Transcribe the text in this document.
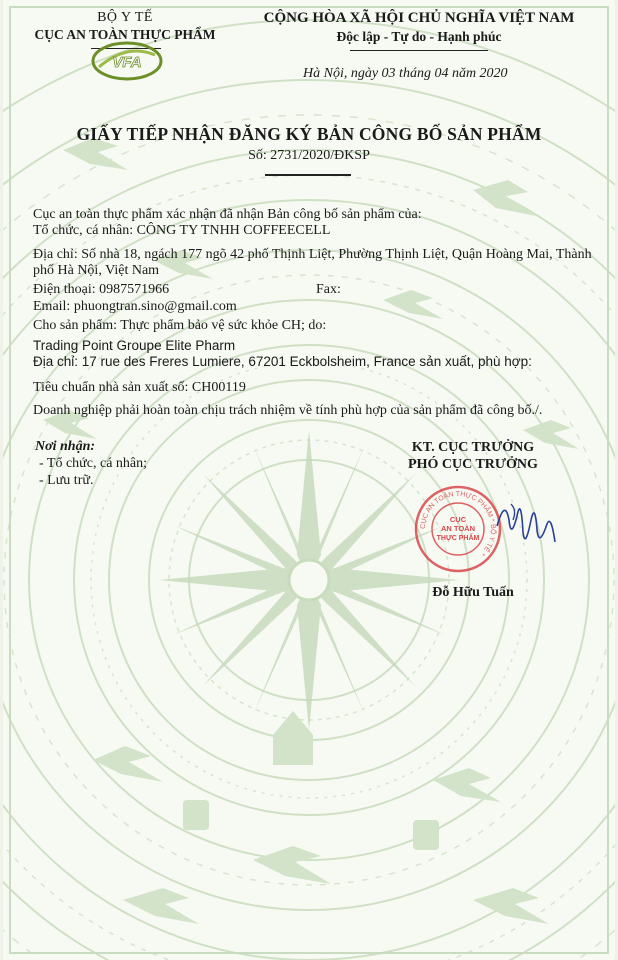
BỘ Y TẾ
CỤC AN TOÀN THỰC PHẨM
VFA
CỘNG HÒA XÃ HỘI CHỦ NGHĨA VIỆT NAM
Độc lập - Tự do - Hạnh phúc
Hà Nội, ngày 03 tháng 04 năm 2020
GIẤY TIẾP NHẬN ĐĂNG KÝ BẢN CÔNG BỐ SẢN PHẨM
Số: 2731/2020/ĐKSP
Cục an toàn thực phẩm xác nhận đã nhận Bản công bố sản phẩm của:
Tổ chức, cá nhân: CÔNG TY TNHH COFFEECELL
Địa chỉ: Số nhà 18, ngách 177 ngõ 42 phố Thịnh Liệt, Phường Thịnh Liệt, Quận Hoàng Mai, Thành phố Hà Nội, Việt Nam
Điện thoại: 0987571966	Fax:
Email: phuongtran.sino@gmail.com
Cho sản phẩm: Thực phẩm bảo vệ sức khỏe CH; do:
Trading Point Groupe Elite Pharm
Địa chỉ: 17 rue des Freres Lumiere, 67201 Eckbolsheim, France sản xuất, phù hợp:
Tiêu chuẩn nhà sản xuất số: CH00119
Doanh nghiệp phải hoàn toàn chịu trách nhiệm về tính phù hợp của sản phẩm đã công bố./.
Nơi nhận:
- Tổ chức, cá nhân;
- Lưu trữ.
KT. CỤC TRƯỞNG
PHÓ CỤC TRƯỞNG
CỤC AN TOÀN THỰC PHẨM * BỘ Y TẾ *
CỤC
AN TOÀN
THỰC PHẨM
Đỗ Hữu Tuấn
